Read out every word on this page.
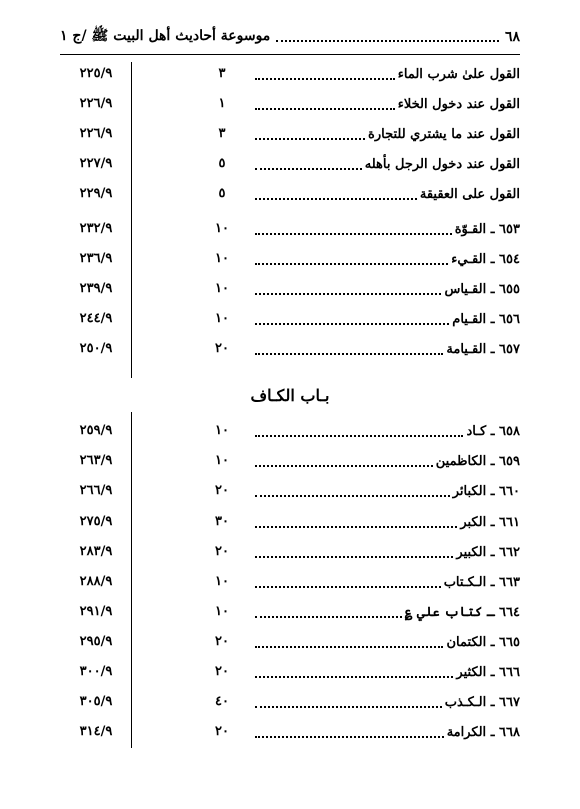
٦٨
موسوعة أحاديث أهل البيت ﷺ /ج ١
القول علىٰ شرب الماء
٣
٢٢٥/٩
القول عند دخول الخلاء
١
٢٢٦/٩
القول عند ما يشتري للتجارة
٣
٢٢٦/٩
القول عند دخول الرجل بأهله
٥
٢٢٧/٩
القول على العقيقة
٥
٢٢٩/٩
٦٥٣ ـ القـوّة
١٠
٢٣٢/٩
٦٥٤ ـ القـيء
١٠
٢٣٦/٩
٦٥٥ ـ القـياس
١٠
٢٣٩/٩
٦٥٦ ـ القـيام
١٠
٢٤٤/٩
٦٥٧ ـ القـيامة
٢٠
٢٥٠/٩
بـاب الكـاف
٦٥٨ ـ كـاد
١٠
٢٥٩/٩
٦٥٩ ـ الكاظمين
١٠
٢٦٣/٩
٦٦٠ ـ الكبائر
٢٠
٢٦٦/٩
٦٦١ ـ الكبر
٣٠
٢٧٥/٩
٦٦٢ ـ الكبير
٢٠
٢٨٣/٩
٦٦٣ ـ الـكـتاب
١٠
٢٨٨/٩
٦٦٤ ـ كتاب علي ؏
١٠
٢٩١/٩
٦٦٥ ـ الكتمان
٢٠
٢٩٥/٩
٦٦٦ ـ الكثير
٢٠
٣٠٠/٩
٦٦٧ ـ الـكـذب
٤٠
٣٠٥/٩
٦٦٨ ـ الكرامة
٢٠
٣١٤/٩
